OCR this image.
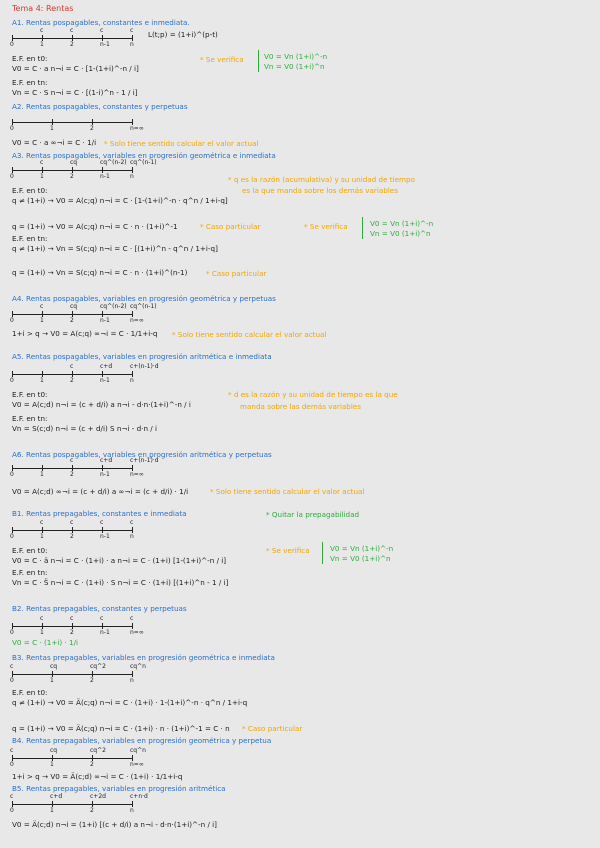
Tema 4: Rentas
A1. Rentas pospagables, constantes e inmediata.
L(t;p) = (1+i)^(p-t)
E.F. en t0:
V0 = C · a n¬i = C · [1-(1+i)^-n / i]
* Se verifica	V0 = Vn (1+i)^-n
Vn = V0 (1+i)^n
E.F. en tn:
Vn = C · S n¬i = C · [(1-i)^n - 1 / i]
A2. Rentas pospagables, constantes y perpetuas
V0 = C · a ∞¬i = C · 1/i * Solo tiene sentido calcular el valor actual
A3. Rentas pospagables, variables en progresión geométrica e inmediata
* q es la razón (acumulativa) y su unidad de tiempo
es la que manda sobre los demás variables
E.F. en t0:
q ≠ (1+i) → V0 = A(c;q) n¬i = C · [1-(1+i)^-n · q^n / 1+i-q]
q = (1+i) → V0 = A(c;q) n¬i = C · n · (1+i)^-1	* Caso particular	* Se verifica	V0 = Vn (1+i)^-n
Vn = V0 (1+i)^n
E.F. en tn:
q ≠ (1+i) → Vn = S(c;q) n¬i = C · [(1+i)^n - q^n / 1+i-q]
q = (1+i) → Vn = S(c;q) n¬i = C · n · (1+i)^(n-1)	* Caso particular
A4. Rentas pospagables, variables en progresión geométrica y perpetuas
1+i > q → V0 = A(c;q) ∞¬i = C · 1/1+i-q * Solo tiene sentido calcular el valor actual
A5. Rentas pospagables, variables en progresión aritmética e inmediata
E.F. en t0:	* d es la razón y su unidad de tiempo es la que
manda sobre las demás variables
V0 = A(c;d) n¬i = (c + d/i) a n¬i - d·n·(1+i)^-n / i
E.F. en tn:
Vn = S(c;d) n¬i = (c + d/i) S n¬i - d·n / i
A6. Rentas pospagables, variables en progresión aritmética y perpetuas
V0 = A(c;d) ∞¬i = (c + d/i) a ∞¬i = (c + d/i) · 1/i	* Solo tiene sentido calcular el valor actual
B1. Rentas prepagables, constantes e inmediata	* Quitar la prepagabilidad
E.F. en t0:	* Se verifica	V0 = Vn (1+i)^-n
Vn = V0 (1+i)^n
V0 = C · ä n¬i = C · (1+i) · a n¬i = C · (1+i) [1-(1+i)^-n / i]
E.F. en tn:
Vn = C · S̈ n¬i = C · (1+i) · S n¬i = C · (1+i) [(1+i)^n - 1 / i]
B2. Rentas prepagables, constantes y perpetuas
V0 = C · (1+i) · 1/i
B3. Rentas prepagables, variables en progresión geométrica e inmediata
E.F. en t0:
q ≠ (1+i) → V0 = Ä(c;q) n¬i = C · (1+i) · 1-(1+i)^-n · q^n / 1+i-q
q = (1+i) → V0 = Ä(c;q) n¬i = C · (1+i) · n · (1+i)^-1 = C · n * Caso particular
B4. Rentas prepagables, variables en progresión geométrica y perpetua
1+i > q → V0 = Ä(c;d) ∞¬i = C · (1+i) · 1/1+i-q
B5. Rentas prepagables, variables en progresión aritmética
V0 = Ä(c;d) n¬i = (1+i) [(c + d/i) a n¬i - d·n·(1+i)^-n / i]
0	1	2	n-1	n
c	c	c	c
0	1	2	n=∞
0	1	2	n-1	n
c	cq	cq^(n-2) cq^(n-1)
0	1	2	n-1	n=∞
c	cq	cq^(n-2) cq^(n-1)
0	1	2	n-1	n
c	c+d	c+(n-1)·d
0	1	2	n-1	n=∞
c	c+d	c+(n-1)·d
0	1	2	n-1	n
c	c	c	c
0	1	2	n-1	n=∞
c	c	c	c
0	1	2	n
c	cq	cq^2	cq^n
0	1	2	n=∞
c	cq	cq^2	cq^n
0	1	2	n
c	c+d	c+2d	c+n·d
